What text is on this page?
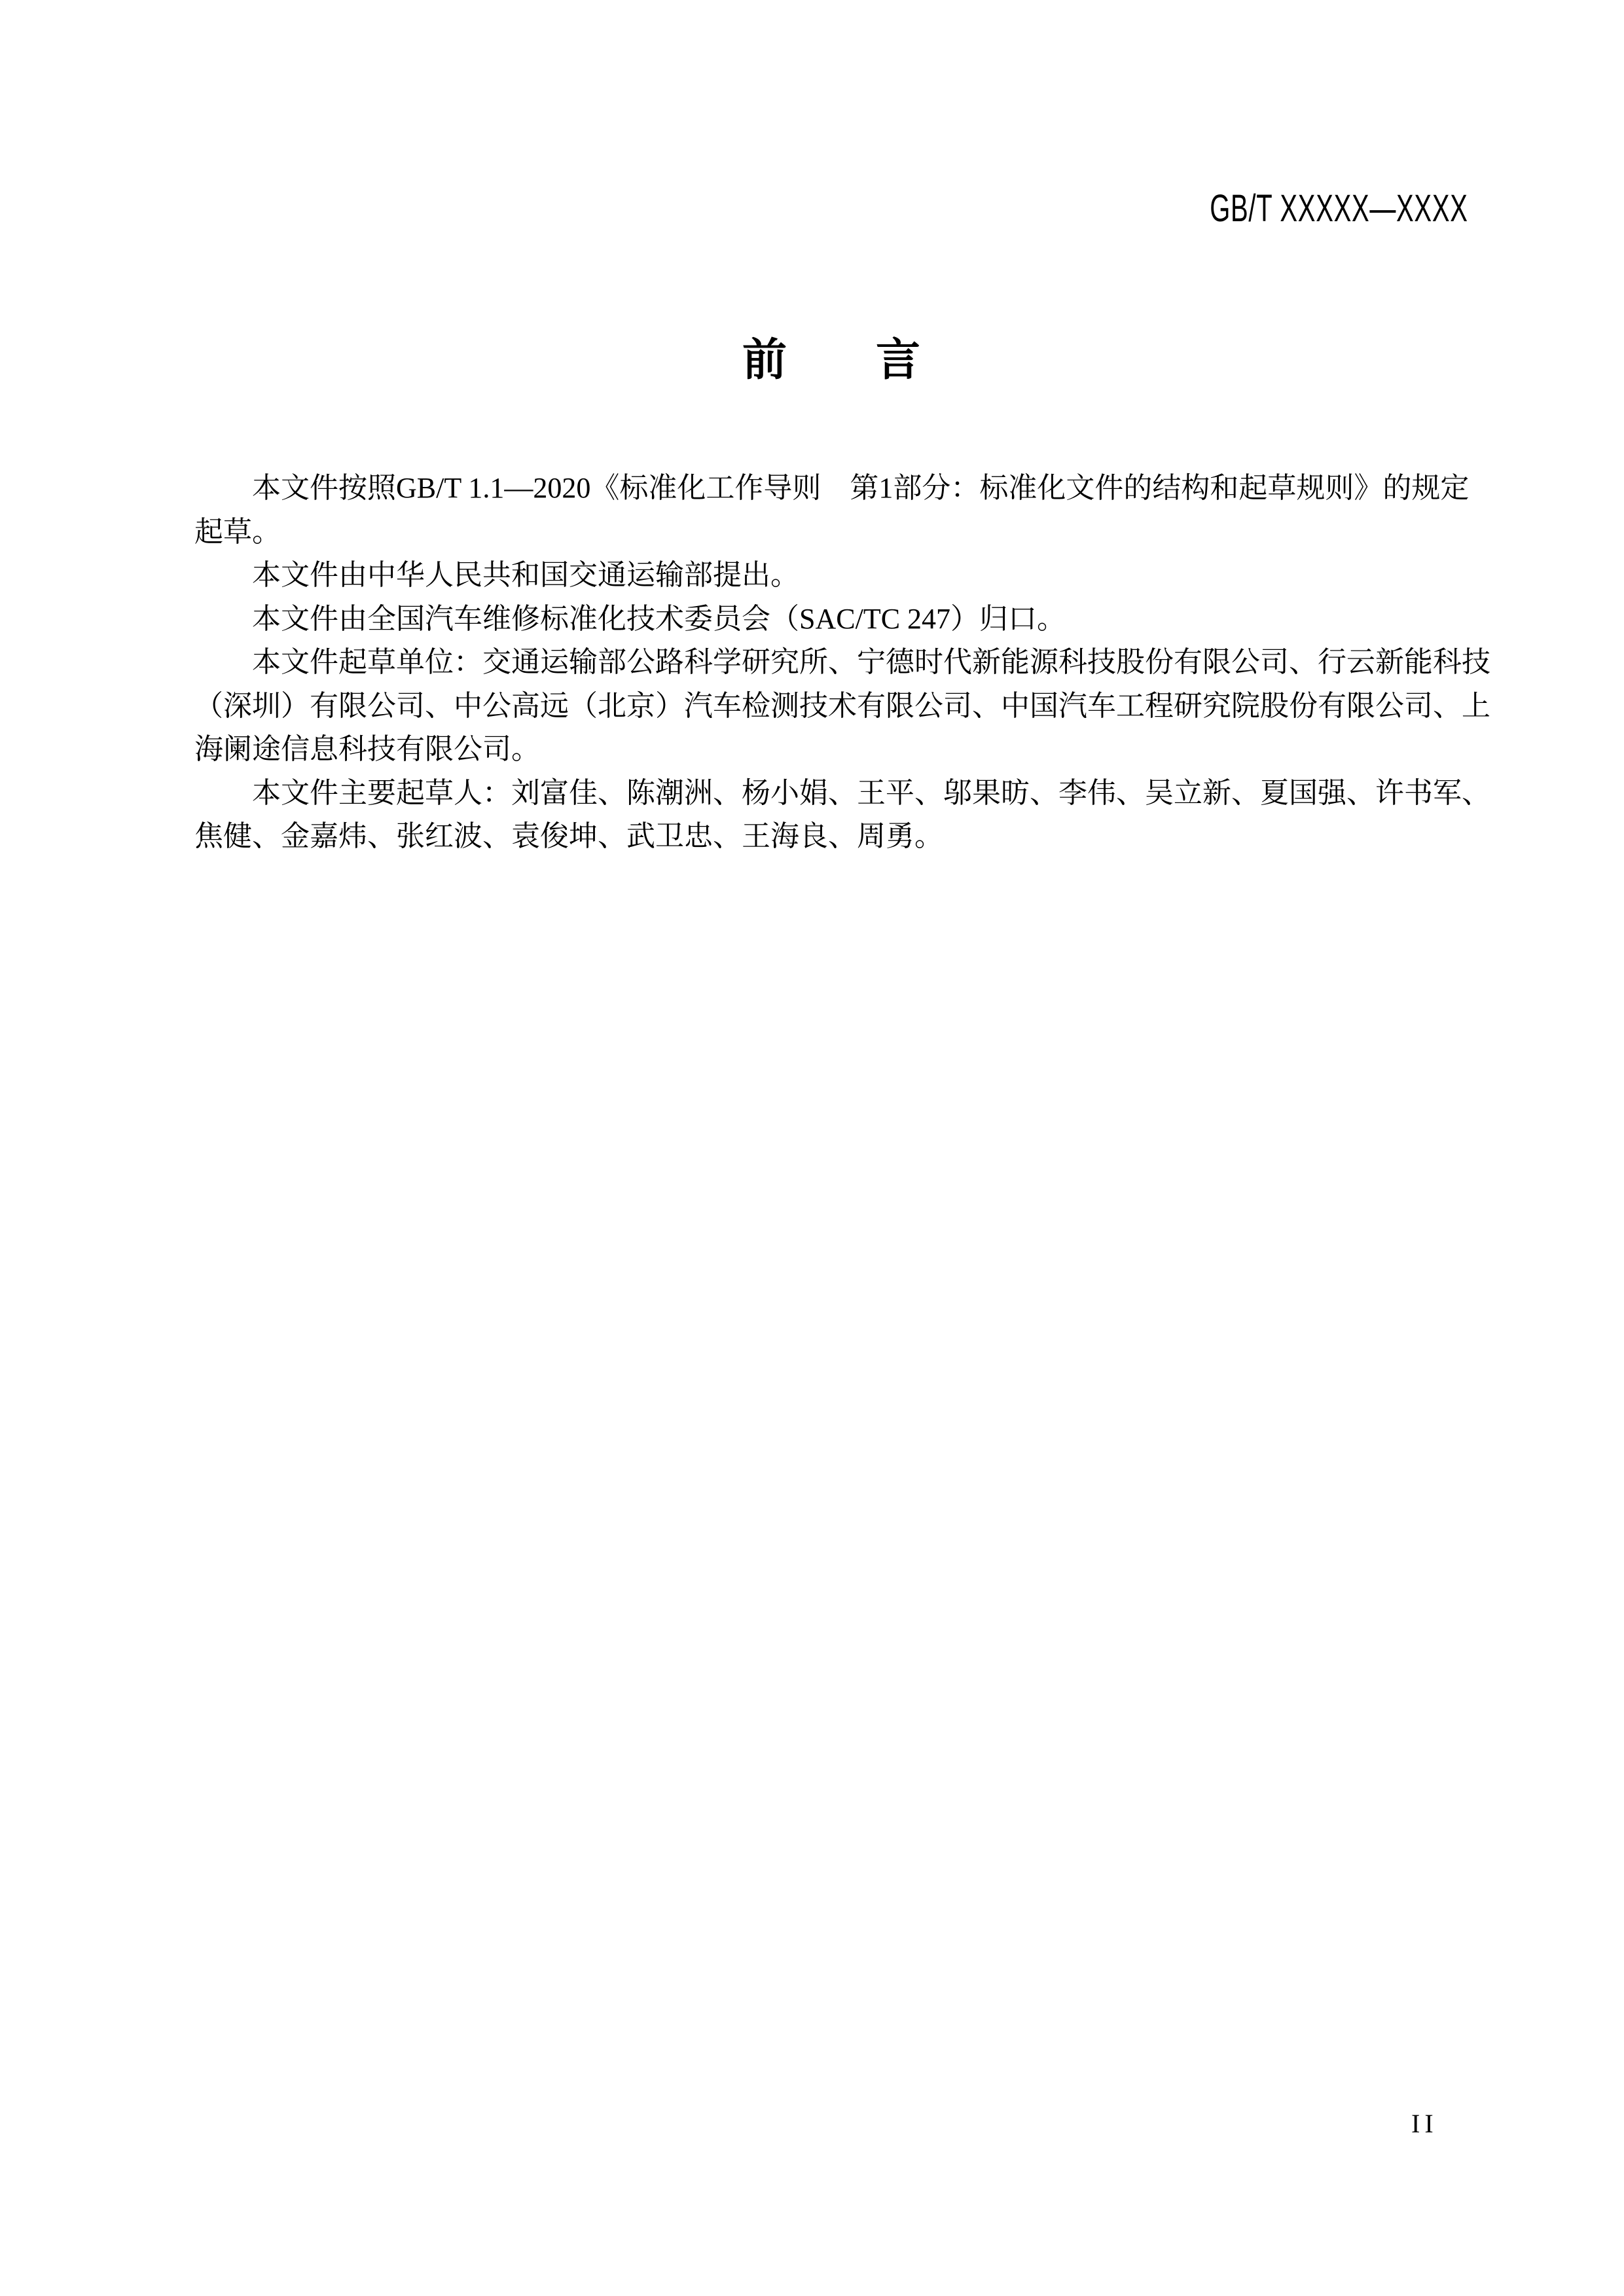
GB/T XXXXX—XXXX
前　　言
本文件按照GB/T 1.1—2020《标准化工作导则　第1部分：标准化文件的结构和起草规则》的规定
起草。
本文件由中华人民共和国交通运输部提出。
本文件由全国汽车维修标准化技术委员会（SAC/TC 247）归口。
本文件起草单位：交通运输部公路科学研究所、宁德时代新能源科技股份有限公司、行云新能科技
（深圳）有限公司、中公高远（北京）汽车检测技术有限公司、中国汽车工程研究院股份有限公司、上
海阑途信息科技有限公司。
本文件主要起草人：刘富佳、陈潮洲、杨小娟、王平、邬果昉、李伟、吴立新、夏国强、许书军、
焦健、金嘉炜、张红波、袁俊坤、武卫忠、王海良、周勇。
II
